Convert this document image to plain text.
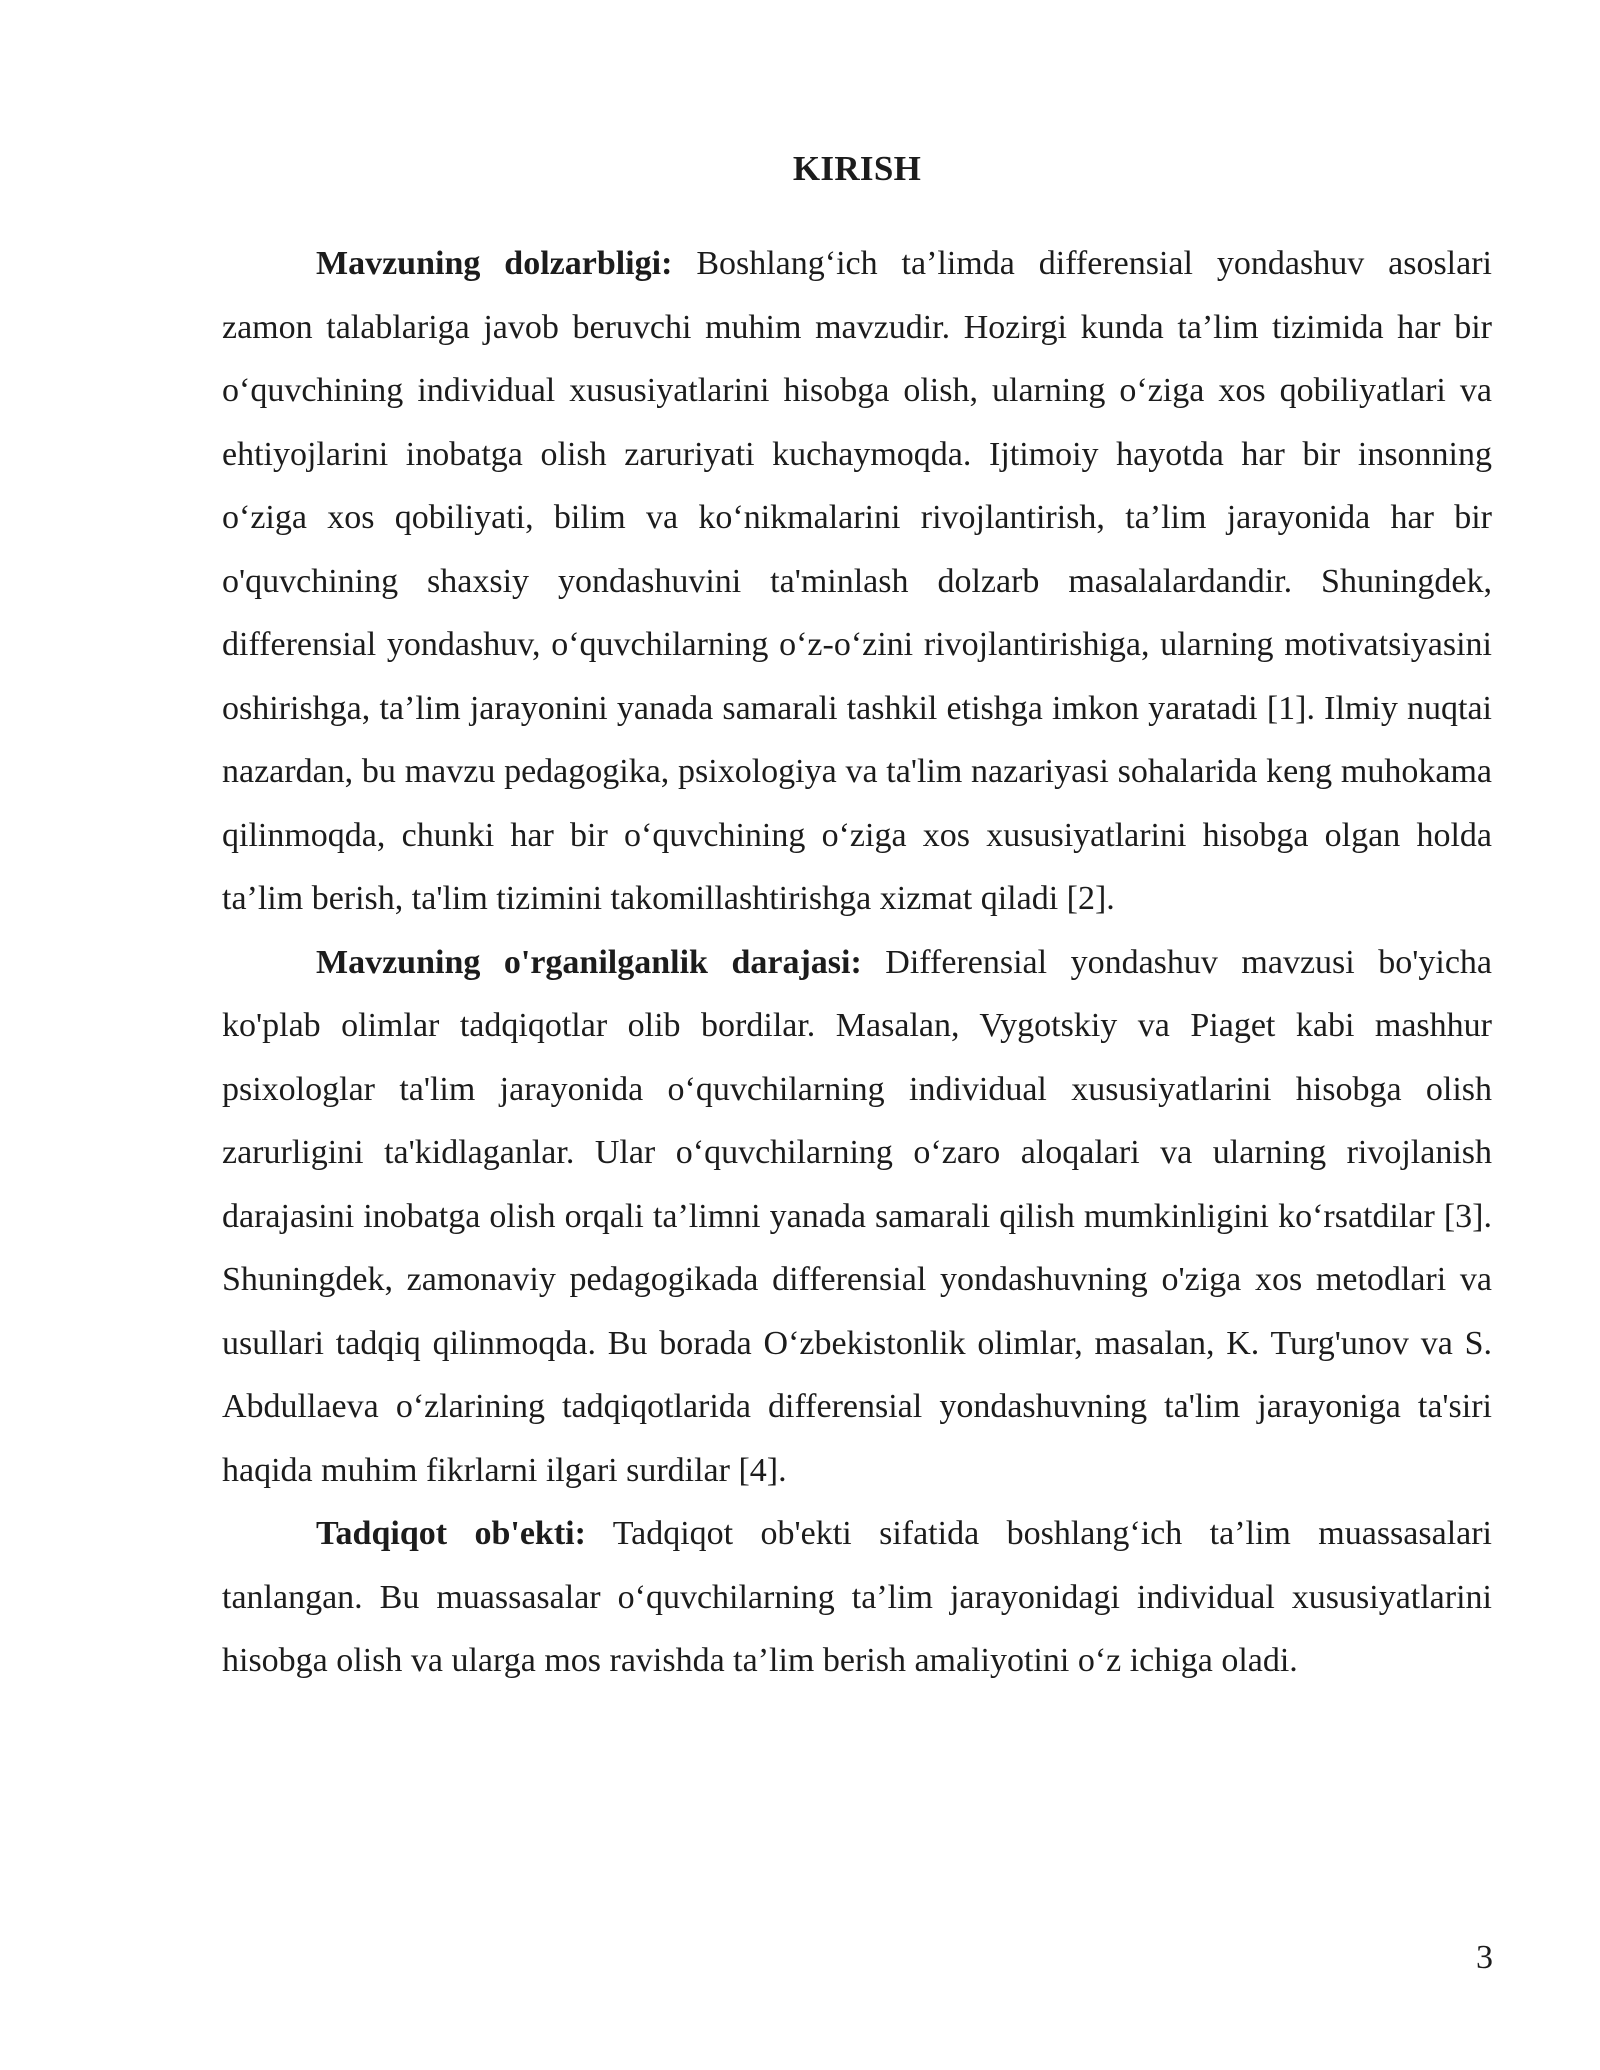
KIRISH

Mavzuning dolzarbligi: Boshlang‘ich ta’limda differensial yondashuv asoslari zamon talablariga javob beruvchi muhim mavzudir. Hozirgi kunda ta’lim tizimida har bir o‘quvchining individual xususiyatlarini hisobga olish, ularning o‘ziga xos qobiliyatlari va ehtiyojlarini inobatga olish zaruriyati kuchaymoqda. Ijtimoiy hayotda har bir insonning o‘ziga xos qobiliyati, bilim va ko‘nikmalarini rivojlantirish, ta’lim jarayonida har bir o'quvchining shaxsiy yondashuvini ta'minlash dolzarb masalalardandir. Shuningdek, differensial yondashuv, o‘quvchilarning o‘z-o‘zini rivojlantirishiga, ularning motivatsiyasini oshirishga, ta’lim jarayonini yanada samarali tashkil etishga imkon yaratadi [1]. Ilmiy nuqtai nazardan, bu mavzu pedagogika, psixologiya va ta'lim nazariyasi sohalarida keng muhokama qilinmoqda, chunki har bir o‘quvchining o‘ziga xos xususiyatlarini hisobga olgan holda ta’lim berish, ta'lim tizimini takomillashtirishga xizmat qiladi [2].

Mavzuning o'rganilganlik darajasi: Differensial yondashuv mavzusi bo'yicha ko'plab olimlar tadqiqotlar olib bordilar. Masalan, Vygotskiy va Piaget kabi mashhur psixologlar ta'lim jarayonida o‘quvchilarning individual xususiyatlarini hisobga olish zarurligini ta'kidlaganlar. Ular o‘quvchilarning o‘zaro aloqalari va ularning rivojlanish darajasini inobatga olish orqali ta’limni yanada samarali qilish mumkinligini ko‘rsatdilar [3]. Shuningdek, zamonaviy pedagogikada differensial yondashuvning o'ziga xos metodlari va usullari tadqiq qilinmoqda. Bu borada O‘zbekistonlik olimlar, masalan, K. Turg'unov va S. Abdullaeva o‘zlarining tadqiqotlarida differensial yondashuvning ta'lim jarayoniga ta'siri haqida muhim fikrlarni ilgari surdilar [4].

Tadqiqot ob'ekti: Tadqiqot ob'ekti sifatida boshlang‘ich ta’lim muassasalari tanlangan. Bu muassasalar o‘quvchilarning ta’lim jarayonidagi individual xususiyatlarini hisobga olish va ularga mos ravishda ta’lim berish amaliyotini o‘z ichiga oladi.

3
